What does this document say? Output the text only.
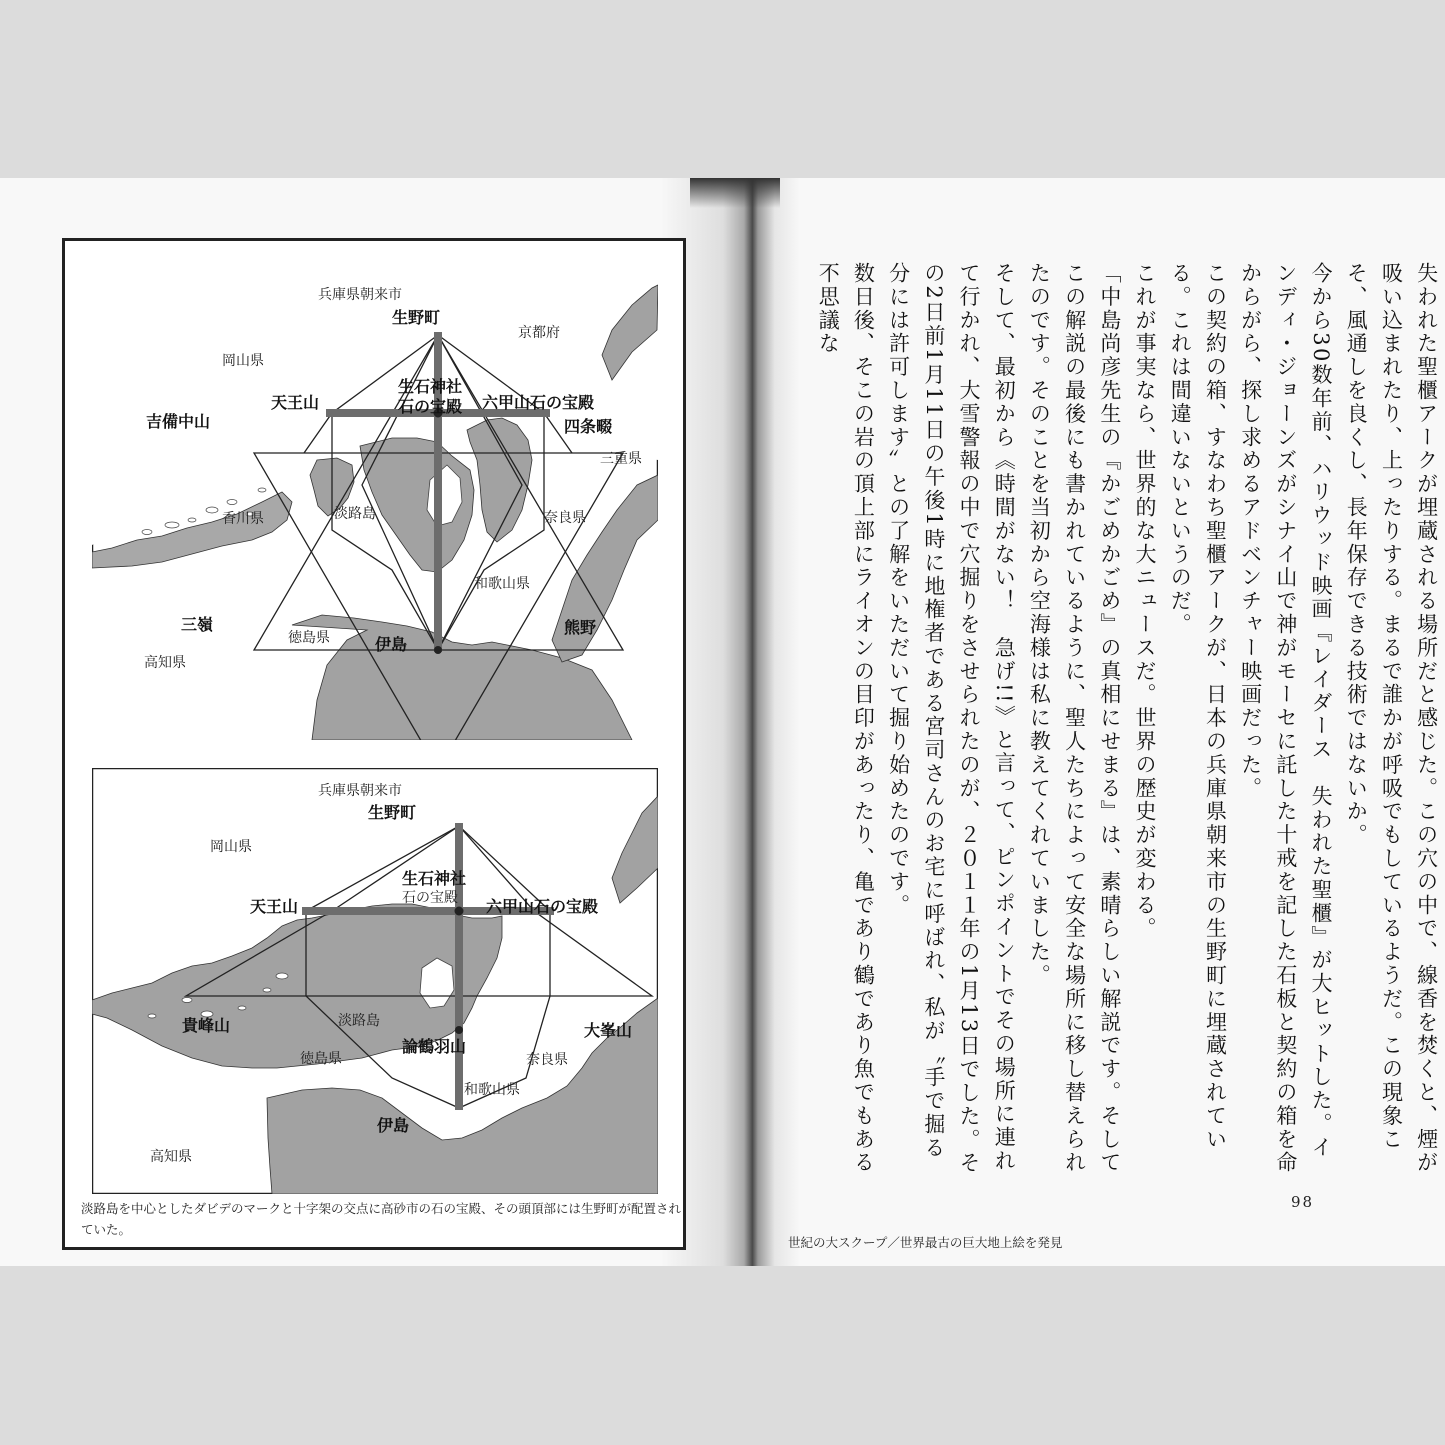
兵庫県朝来市
生野町
岡山県
京都府
生石神社
石の宝殿
天王山	六甲山石の宝殿
吉備中山	四条畷
三重県
香川県	淡路島	奈良県
和歌山県
三嶺	熊野
徳島県	伊島
高知県
兵庫県朝来市
生野町
岡山県
生石神社
石の宝殿
天王山	六甲山石の宝殿
淡路島
貴峰山
論鶴羽山
大峯山
徳島県	奈良県
和歌山県
伊島
高知県
淡路島を中心としたダビデのマークと十字架の交点に高砂市の石の宝殿、その頭頂部には生野町が配置されていた。

失われた聖櫃アークが埋蔵される場所だと感じた。この穴の中で、線香を焚くと、煙が吸い込まれたり、上ったりする。まるで誰かが呼吸でもしているようだ。この現象こそ、風通しを良くし、長年保存できる技術ではないか。

今から30数年前、ハリウッド映画『レイダース　失われた聖櫃』が大ヒットした。インディ・ジョーンズがシナイ山で神がモーセに託した十戒を記した石板と契約の箱を命からがら、探し求めるアドベンチャー映画だった。

この契約の箱、すなわち聖櫃アークが、日本の兵庫県朝来市の生野町に埋蔵されている。これは間違いないというのだ。

これが事実なら、世界的な大ニュースだ。世界の歴史が変わる。

「中島尚彦先生の『かごめかごめ』の真相にせまる』は、素晴らしい解説です。そしてこの解説の最後にも書かれているように、聖人たちによって安全な場所に移し替えられたのです。そのことを当初から空海様は私に教えてくれていました。

そして、最初から《時間がない！　急げ!!》と言って、ピンポイントでその場所に連れて行かれ、大雪警報の中で穴掘りをさせられたのが、２０１１年の1月13日でした。その2日前1月11日の午後1時に地権者である宮司さんのお宅に呼ばれ、私が〝手で掘る分には許可します〟との了解をいただいて掘り始めたのです。

数日後、そこの岩の頂上部にライオンの目印があったり、亀であり鶴であり魚でもある不思議な

98
世紀の大スクープ／世界最古の巨大地上絵を発見
